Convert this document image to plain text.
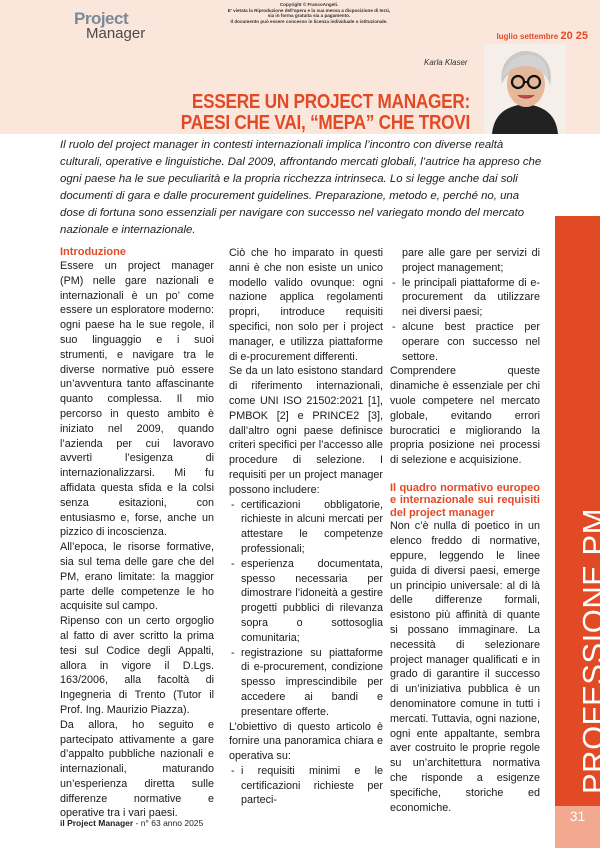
Project
Manager
Copyright © FrancoAngeli.
E' vietata la Riproduzione dell'opera e la sua messa a disposizione di terzi,
sia in forma gratuita sia a pagamento.
Il documento può essere concesso in licenza individuale o istituzionale.
luglio settembre 20 25
Karla Klaser
ESSERE UN PROJECT MANAGER:
PAESI CHE VAI, “MEPA” CHE TROVI
Il ruolo del project manager in contesti internazionali implica l’incontro con diverse realtà culturali, operative e linguistiche. Dal 2009, affrontando mercati globali, l’autrice ha appreso che ogni paese ha le sue peculiarità e la propria ricchezza intrinseca. Lo si legge anche dai soli documenti di gara e dalle procurement guidelines. Preparazione, metodo e, perché no, una dose di fortuna sono essenziali per navigare con successo nel variegato mondo del mercato nazionale e internazionale.
Introduzione

Essere un project manager (PM) nelle gare nazionali e internazionali è un po’ come essere un esploratore moderno: ogni paese ha le sue regole, il suo linguaggio e i suoi strumenti, e navigare tra le diverse normative può essere un’avventura tanto affascinante quanto complessa. Il mio percorso in questo ambito è iniziato nel 2009, quando l’azienda per cui lavoravo avvertì l’esigenza di internazionalizzarsi. Mi fu affidata questa sfida e la colsi senza esitazioni, con entusiasmo e, forse, anche un pizzico di incoscienza.

All’epoca, le risorse formative, sia sul tema delle gare che del PM, erano limitate: la maggior parte delle competenze le ho acquisite sul campo.

Ripenso con un certo orgoglio al fatto di aver scritto la prima tesi sul Codice degli Appalti, allora in vigore il D.Lgs. 163/2006, alla facoltà di Ingegneria di Trento (Tutor il Prof. Ing. Maurizio Piazza).

Da allora, ho seguito e partecipato attivamente a gare d’appalto pubbliche nazionali e internazionali, maturando un’esperienza diretta sulle differenze normative e operative tra i vari paesi.

Ciò che ho imparato in questi anni è che non esiste un unico modello valido ovunque: ogni nazione applica regolamenti propri, introduce requisiti specifici, non solo per i project manager, e utilizza piattaforme di e-procurement differenti.

Se da un lato esistono standard di riferimento internazionali, come UNI ISO 21502:2021 [1], PMBOK [2] e PRINCE2 [3], dall’altro ogni paese definisce criteri specifici per l’accesso alle procedure di selezione. I requisiti per un project manager possono includere:

- certificazioni obbligatorie, richieste in alcuni mercati per attestare le competenze professionali;
- esperienza documentata, spesso necessaria per dimostrare l’idoneità a gestire progetti pubblici di rilevanza sopra o sottosoglia comunitaria;
- registrazione su piattaforme di e-procurement, condizione spesso imprescindibile per accedere ai bandi e presentare offerte.

L’obiettivo di questo articolo è fornire una panoramica chiara e operativa su:

- i requisiti minimi e le certificazioni richieste per parteci-

pare alle gare per servizi di project management;

- le principali piattaforme di e-procurement da utilizzare nei diversi paesi;
- alcune best practice per operare con successo nel settore.

Comprendere queste dinamiche è essenziale per chi vuole competere nel mercato globale, evitando errori burocratici e migliorando la propria posizione nei processi di selezione e acquisizione.

Il quadro normativo europeo e internazionale sui requisiti del project manager

Non c’è nulla di poetico in un elenco freddo di normative, eppure, leggendo le linee guida di diversi paesi, emerge un principio universale: al di là delle differenze formali, esistono più affinità di quante si possano immaginare. La necessità di selezionare project manager qualificati e in grado di garantire il successo di un’iniziativa pubblica è un denominatore comune in tutti i mercati. Tuttavia, ogni nazione, ogni ente appaltante, sembra aver costruito le proprie regole su un’architettura normativa che risponde a esigenze specifiche, storiche ed economiche.

PROFESSIONE PM
il Project Manager - n° 63 anno 2025	31
